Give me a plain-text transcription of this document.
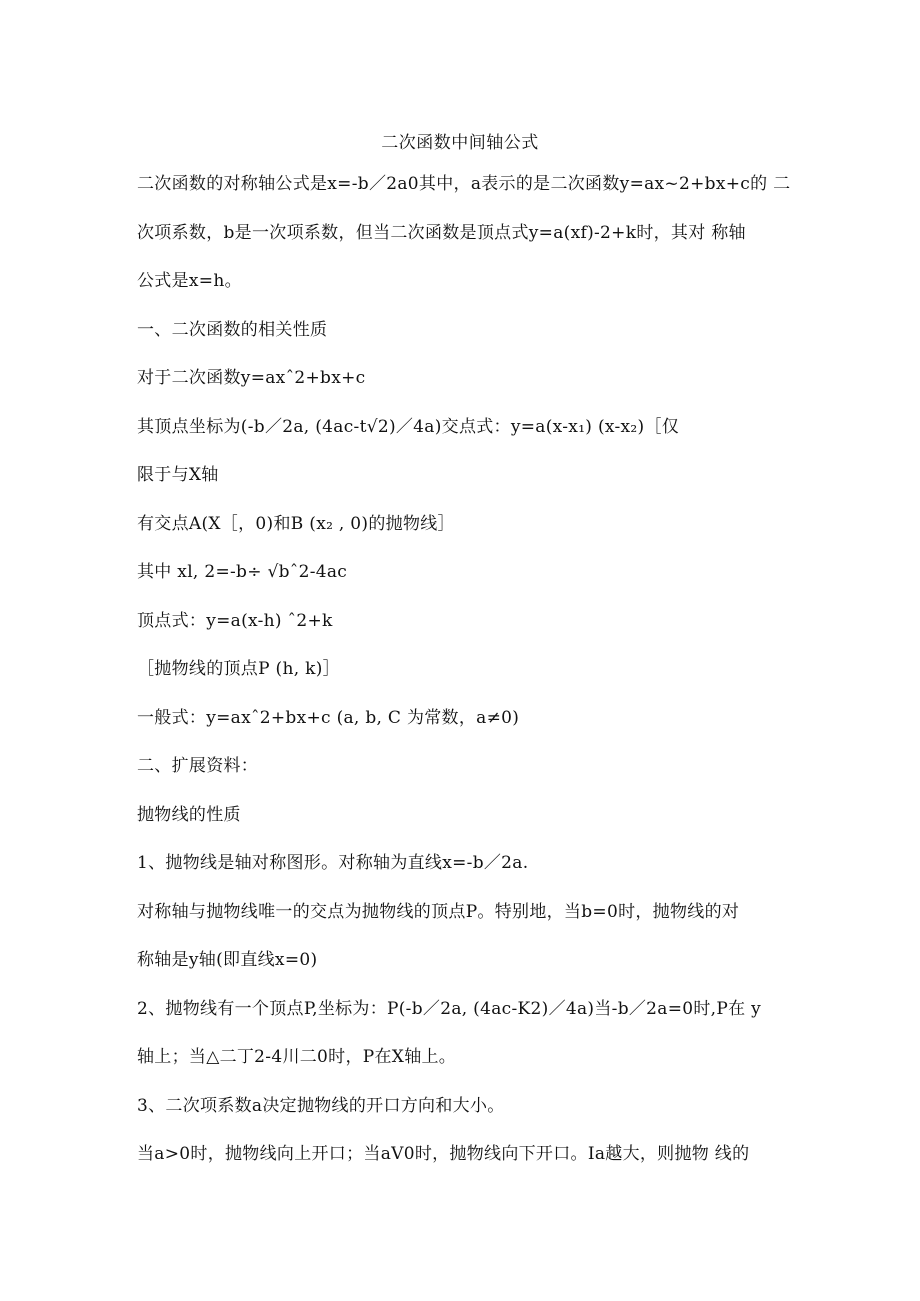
二次函数中间轴公式
二次函数的对称轴公式是x=-b／2a0其中，a表示的是二次函数y=ax~2+bx+c的 二
次项系数，b是一次项系数，但当二次函数是顶点式y=a(xf)-2+k时，其对 称轴
公式是x=h。
一、二次函数的相关性质
对于二次函数y=axˆ2+bx+c
其顶点坐标为(-b／2a, (4ac-t√2)／4a)交点式：y=a(x-x₁) (x-x₂)［仅
限于与X轴
有交点A(X［，0)和B (x₂ , 0)的抛物线］
其中 xl, 2=-b÷ √bˆ2-4ac
顶点式：y=a(x-h) ˆ2+k
［抛物线的顶点P (h, k)］
一般式：y=axˆ2+bx+c (a, b, C 为常数，a≠0)
二、扩展资料：
抛物线的性质
1、抛物线是轴对称图形。对称轴为直线x=-b／2a.
对称轴与抛物线唯一的交点为抛物线的顶点P。特别地，当b=0时，抛物线的对
称轴是y轴(即直线x=0)
2、抛物线有一个顶点P,坐标为：P(-b／2a, (4ac-K2)／4a)当-b／2a=0时,P在 y
轴上；当△二丁2-4川二0时，P在X轴上。
3、二次项系数a决定抛物线的开口方向和大小。
当a>0时，抛物线向上开口；当aV0时，抛物线向下开口。Ia越大，则抛物 线的
